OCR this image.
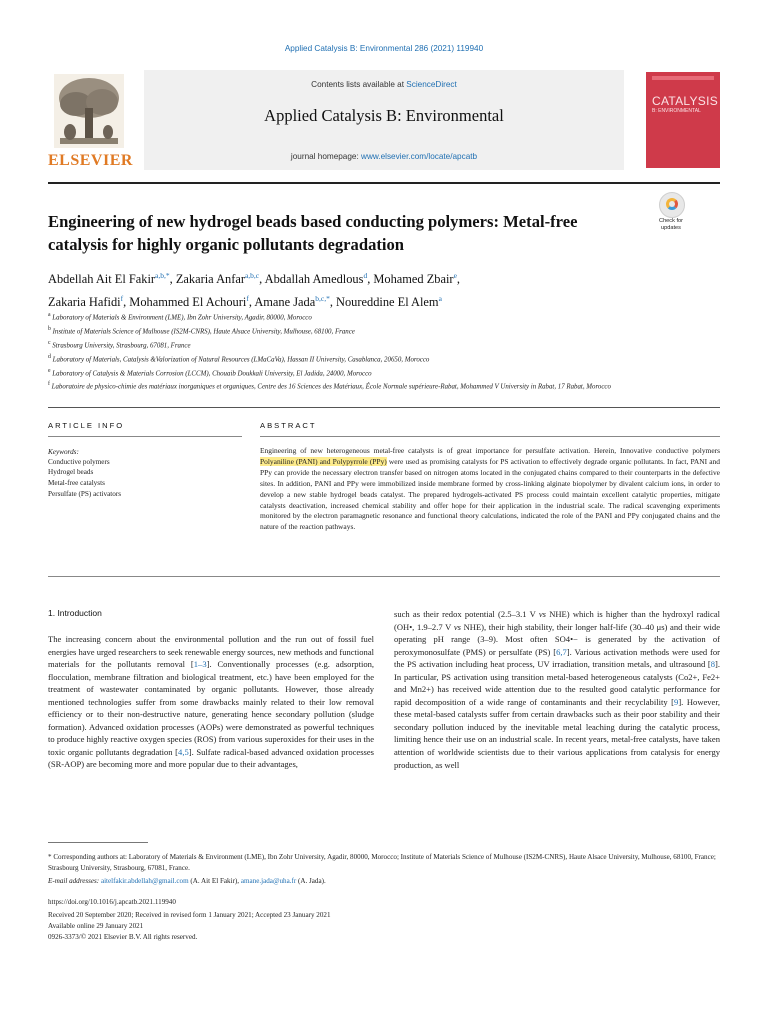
Applied Catalysis B: Environmental 286 (2021) 119940
ELSEVIER
Contents lists available at ScienceDirect
Applied Catalysis B: Environmental
journal homepage: www.elsevier.com/locate/apcatb
CATALYSIS
B: ENVIRONMENTAL
Engineering of new hydrogel beads based conducting polymers: Metal-free catalysis for highly organic pollutants degradation
Check for
updates
Abdellah Ait El Fakir$^{a,b,*}$, Zakaria Anfar$^{a,b,c}$, Abdallah Amedlous$^d$, Mohamed Zbair$^e$,
Zakaria Hafidi$^f$, Mohammed El Achouri$^f$, Amane Jada$^{b,c,*}$, Noureddine El Alem$^a$
$^a$ Laboratory of Materials & Environment (LME), Ibn Zohr University, Agadir, 80000, Morocco
$^b$ Institute of Materials Science of Mulhouse (IS2M-CNRS), Haute Alsace University, Mulhouse, 68100, France
$^c$ Strasbourg University, Strasbourg, 67081, France
$^d$ Laboratory of Materials, Catalysis &Valorization of Natural Resources (LMaCaVa), Hassan II University, Casablanca, 20650, Morocco
$^e$ Laboratory of Catalysis & Materials Corrosion (LCCM), Chouaib Doukkali University, El Jadida, 24000, Morocco
$^f$ Laboratoire de physico-chimie des matériaux inorganiques et organiques, Centre des 16 Sciences des Matériaux, École Normale supérieure-Rabat, Mohammed V University in Rabat, 17 Rabat, Morocco
ARTICLE INFO	ABSTRACT
Keywords:
Conductive polymers
Hydrogel beads
Metal-free catalysts
Persulfate (PS) activators
Engineering of new heterogeneous metal-free catalysts is of great importance for persulfate activation. Herein, Innovative conductive polymers Polyaniline (PANI) and Polypyrrole (PPy) were used as promising catalysts for PS activation to effectively degrade organic pollutants. In fact, PANI and PPy can provide the necessary electron transfer based on nitrogen atoms located in the conjugated chains compared to their counterparts in the defective sites. In addition, PANI and PPy were immobilized inside membrane formed by cross-linking alginate biopolymer by divalent calcium ions, in order to develop a new stable hydrogel beads catalyst. The prepared hydrogels-activated PS process could maintain excellent catalytic properties, mitigate catalysts deactivation, increased chemical stability and offer hope for their application in the industrial scale. The radical scavenging experiments monitored by the electron paramagnetic resonance and functional theory calculations, indicated the role of the PANI and PPy conjugated chains and the nature of the reaction pathways.
1. Introduction
The increasing concern about the environmental pollution and the run out of fossil fuel energies have urged researchers to seek renewable energy sources, new methods and functional materials for the pollutants removal [1–3]. Conventionally processes (e.g. adsorption, flocculation, membrane filtration and biological treatment, etc.) have been employed for the treatment of wastewater contaminated by organic pollutants. However, those already mentioned technologies suffer from some drawbacks mainly related to their low removal efficiency or to their non-destructive nature, generating hence secondary pollution (sludge formation). Advanced oxidation processes (AOPs) were demonstrated as powerful techniques to produce highly reactive oxygen species (ROS) from various superoxides for their uses in the toxic organic pollutants degradation [4,5]. Sulfate radical-based advanced oxidation processes (SR-AOP) are becoming more and more popular due to their advantages,
such as their redox potential (2.5–3.1 V vs NHE) which is higher than the hydroxyl radical (OH•, 1.9–2.7 V vs NHE), their high stability, their longer half-life (30–40 μs) and their wide operating pH range (3–9). Most often SO4•− is generated by the activation of peroxymonosulfate (PMS) or persulfate (PS) [6,7]. Various activation methods were used for the PS activation including heat process, UV irradiation, transition metals, and ultrasound [8]. In particular, PS activation using transition metal-based heterogeneous catalysts (Co2+, Fe2+ and Mn2+) has received wide attention due to the resulted good catalytic performance for rapid decomposition of a wide range of contaminants and their recyclability [9]. However, these metal-based catalysts suffer from certain drawbacks such as their poor stability and their secondary pollution induced by the inevitable metal leaching during the catalytic process, limiting hence their use on an industrial scale. In recent years, metal-free catalysts, have taken attention of worldwide scientists due to their various applications from catalysis for energy production, as well
* Corresponding authors at: Laboratory of Materials & Environment (LME), Ibn Zohr University, Agadir, 80000, Morocco; Institute of Materials Science of Mulhouse (IS2M-CNRS), Haute Alsace University, Mulhouse, 68100, France; Strasbourg University, Strasbourg, 67081, France.
E-mail addresses: aitelfakir.abdellah@gmail.com (A. Ait El Fakir), amane.jada@uha.fr (A. Jada).
https://doi.org/10.1016/j.apcatb.2021.119940
Received 20 September 2020; Received in revised form 1 January 2021; Accepted 23 January 2021
Available online 29 January 2021
0926-3373/© 2021 Elsevier B.V. All rights reserved.
